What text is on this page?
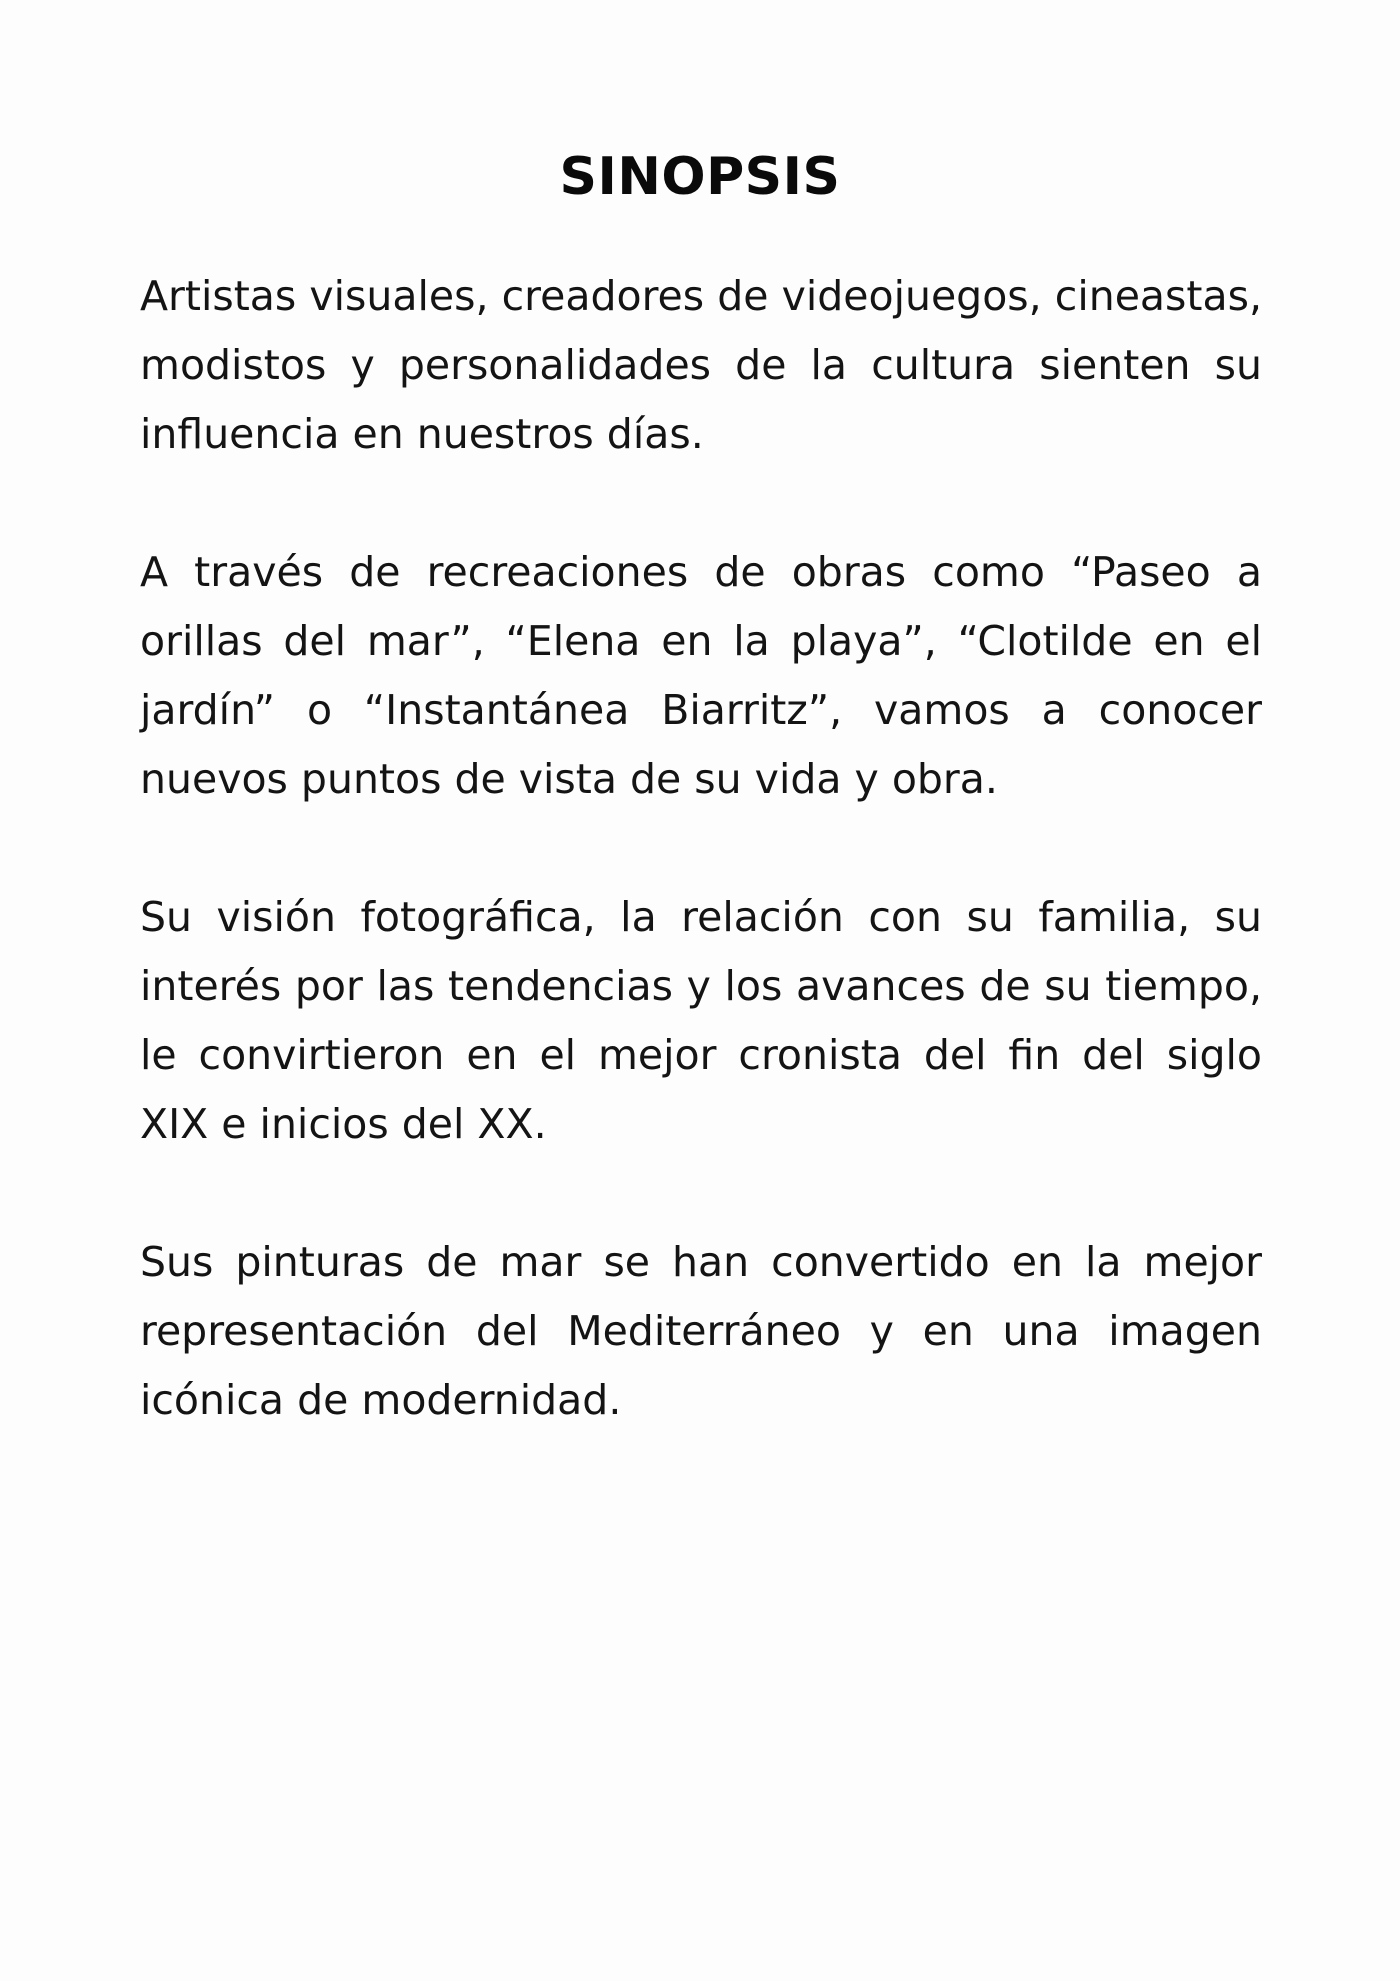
SINOPSIS

Artistas visuales, creadores de videojuegos, cineastas, modistos y personalidades de la cultura sienten su influencia en nuestros días.

A través de recreaciones de obras como “Paseo a orillas del mar”, “Elena en la playa”, “Clotilde en el jardín” o “Instantánea Biarritz”, vamos a conocer nuevos puntos de vista de su vida y obra.

Su visión fotográfica, la relación con su familia, su interés por las tendencias y los avances de su tiempo, le convirtieron en el mejor cronista del fin del siglo XIX e inicios del XX.

Sus pinturas de mar se han convertido en la mejor representación del Mediterráneo y en una imagen icónica de modernidad.
